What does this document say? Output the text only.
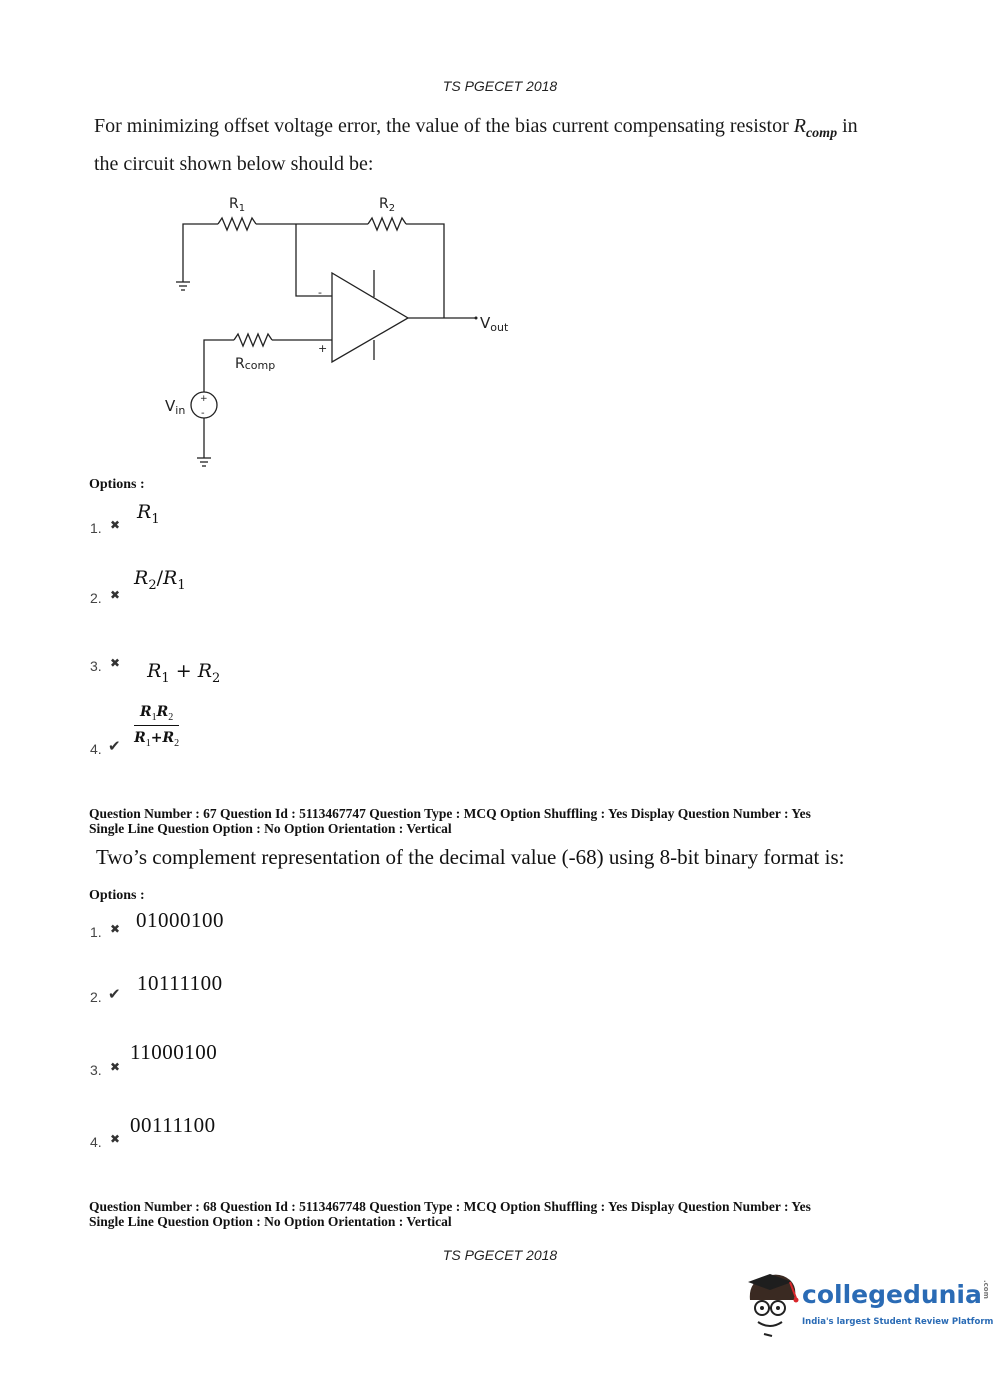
TS PGECET 2018
For minimizing offset voltage error, the value of the bias current compensating resistor $R_{comp}$ in
the circuit shown below should be:
$R_1$	$R_2$
Rcomp
$V_{out}$
$V_{in}$
-
+
+
-
Options :
1. ✖
$R_1$
2. ✖
$R_2/R_1$
3. ✖	$R_1 + R_2$

4. ✔ $\frac{R_1R_2}{R_1+R_2}$
Question Number : 67 Question Id : 5113467747 Question Type : MCQ Option Shuffling : Yes Display Question Number : Yes
Single Line Question Option : No Option Orientation : Vertical
Two’s complement representation of the decimal value (-68) using 8-bit binary format is:
Options :
1. ✖ 01000100
2. ✔ 10111100
3. ✖
11000100
4. ✖
00111100
Question Number : 68 Question Id : 5113467748 Question Type : MCQ Option Shuffling : Yes Display Question Number : Yes
Single Line Question Option : No Option Orientation : Vertical
TS PGECET 2018
collegedunia.com
India's largest Student Review Platform
